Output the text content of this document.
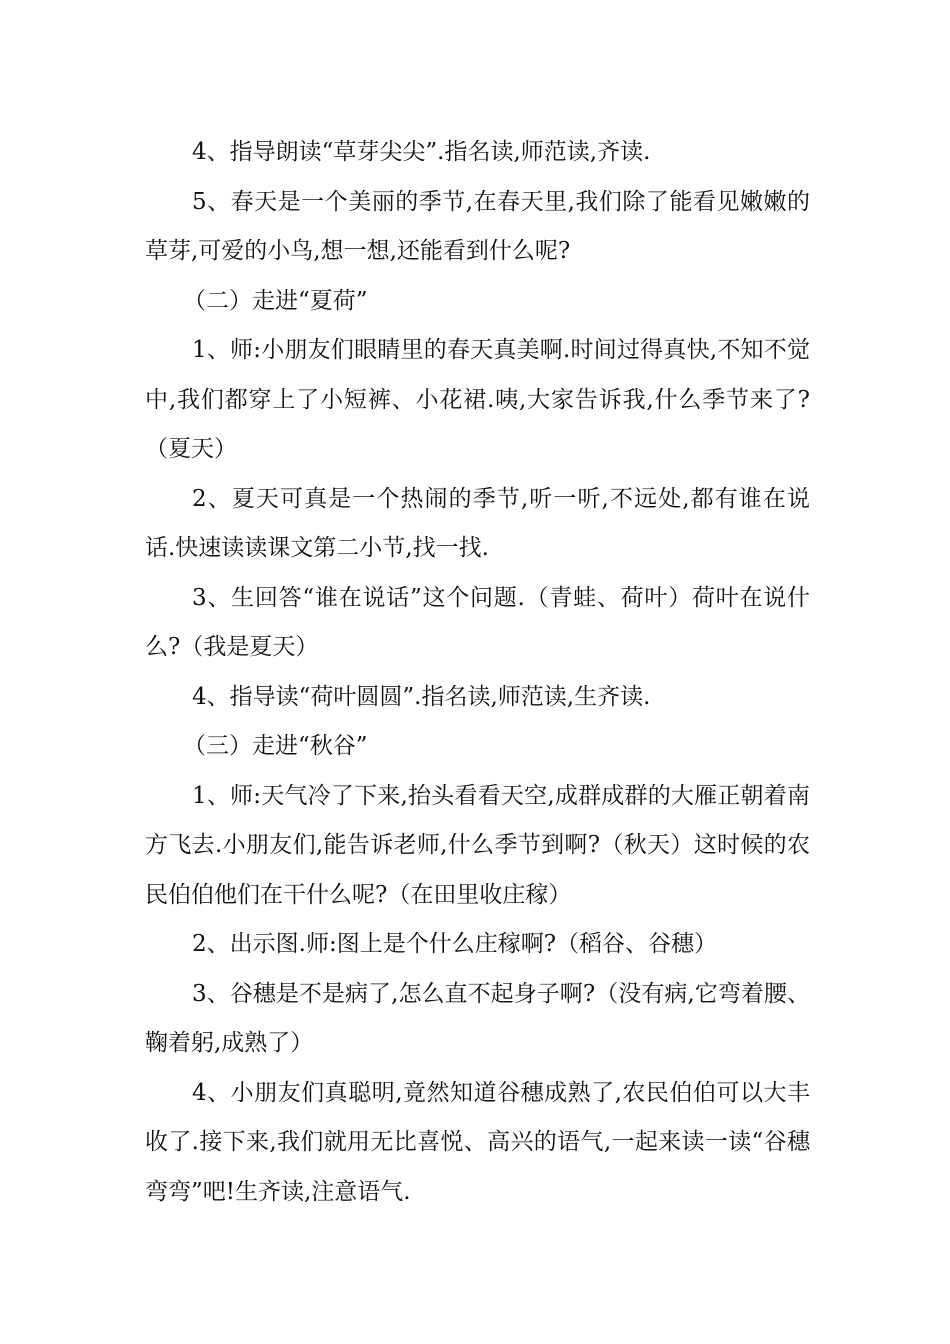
4、指导朗读“草芽尖尖”.指名读,师范读,齐读.

5、春天是一个美丽的季节,在春天里,我们除了能看见嫩嫩的草芽,可爱的小鸟,想一想,还能看到什么呢?

（二）走进“夏荷”

1、师:小朋友们眼睛里的春天真美啊.时间过得真快,不知不觉中,我们都穿上了小短裤、小花裙.咦,大家告诉我,什么季节来了?（夏天）

2、夏天可真是一个热闹的季节,听一听,不远处,都有谁在说话.快速读读课文第二小节,找一找.

3、生回答“谁在说话”这个问题.（青蛙、荷叶）荷叶在说什么?（我是夏天）

4、指导读“荷叶圆圆”.指名读,师范读,生齐读.

（三）走进“秋谷”

1、师:天气冷了下来,抬头看看天空,成群成群的大雁正朝着南方飞去.小朋友们,能告诉老师,什么季节到啊?（秋天）这时候的农民伯伯他们在干什么呢?（在田里收庄稼）

2、出示图.师:图上是个什么庄稼啊?（稻谷、谷穗）

3、谷穗是不是病了,怎么直不起身子啊?（没有病,它弯着腰、鞠着躬,成熟了）

4、小朋友们真聪明,竟然知道谷穗成熟了,农民伯伯可以大丰收了.接下来,我们就用无比喜悦、高兴的语气,一起来读一读“谷穗弯弯”吧!生齐读,注意语气.
